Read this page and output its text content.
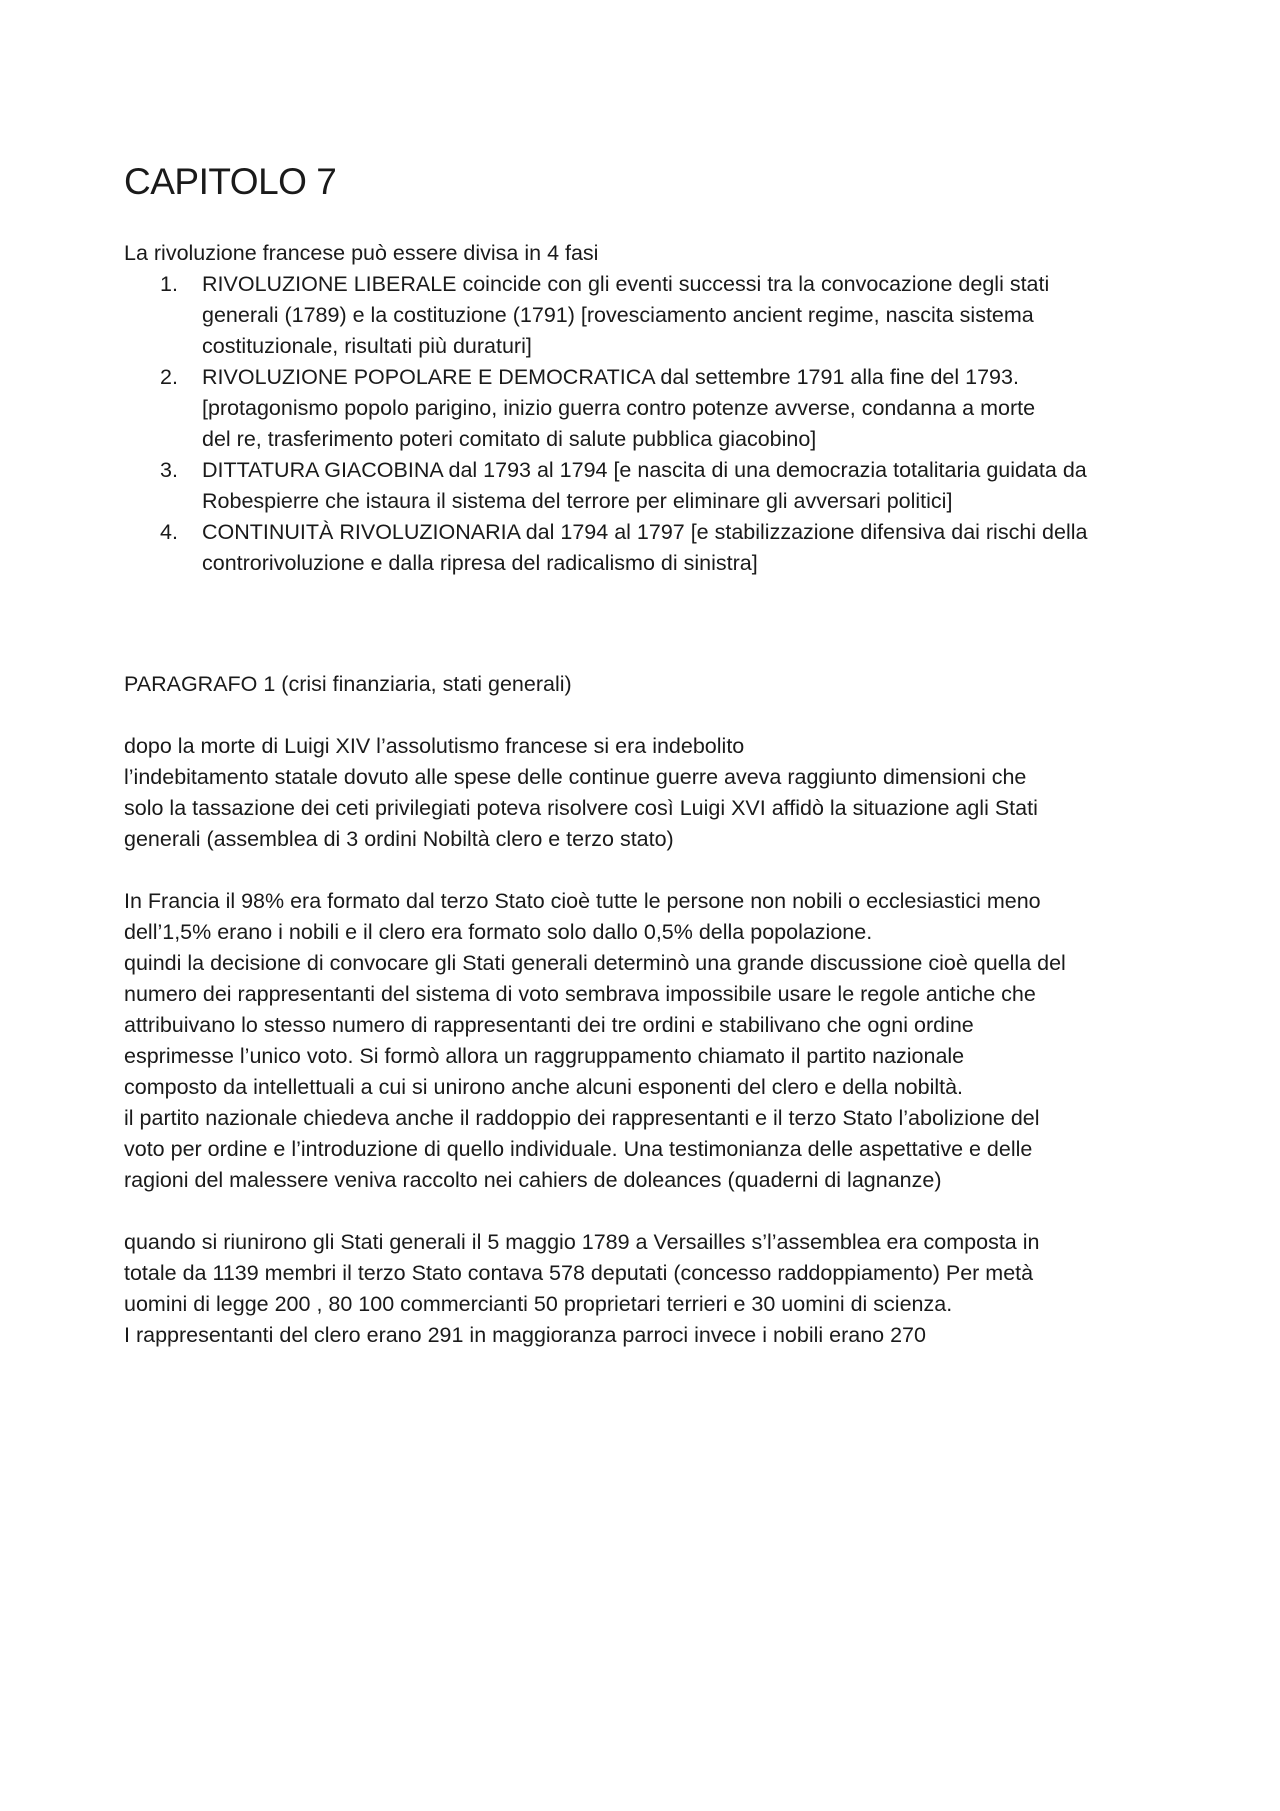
CAPITOLO 7

La rivoluzione francese può essere divisa in 4 fasi

1. RIVOLUZIONE LIBERALE coincide con gli eventi successi tra la convocazione degli stati
generali (1789) e la costituzione (1791) [rovesciamento ancient regime, nascita sistema
costituzionale, risultati più duraturi]
2. RIVOLUZIONE POPOLARE E DEMOCRATICA dal settembre 1791 alla fine del 1793.
[protagonismo popolo parigino, inizio guerra contro potenze avverse, condanna a morte
del re, trasferimento poteri comitato di salute pubblica giacobino]
3. DITTATURA GIACOBINA dal 1793 al 1794 [e nascita di una democrazia totalitaria guidata da
Robespierre che istaura il sistema del terrore per eliminare gli avversari politici]
4. CONTINUITÀ RIVOLUZIONARIA dal 1794 al 1797 [e stabilizzazione difensiva dai rischi della
controrivoluzione e dalla ripresa del radicalismo di sinistra]

PARAGRAFO 1 (crisi finanziaria, stati generali)

dopo la morte di Luigi XIV l’assolutismo francese si era indebolito
l’indebitamento statale dovuto alle spese delle continue guerre aveva raggiunto dimensioni che
solo la tassazione dei ceti privilegiati poteva risolvere così Luigi XVI affidò la situazione agli Stati
generali (assemblea di 3 ordini Nobiltà clero e terzo stato)
In Francia il 98% era formato dal terzo Stato cioè tutte le persone non nobili o ecclesiastici meno
dell’1,5% erano i nobili e il clero era formato solo dallo 0,5% della popolazione.
quindi la decisione di convocare gli Stati generali determinò una grande discussione cioè quella del
numero dei rappresentanti del sistema di voto sembrava impossibile usare le regole antiche che
attribuivano lo stesso numero di rappresentanti dei tre ordini e stabilivano che ogni ordine
esprimesse l’unico voto. Si formò allora un raggruppamento chiamato il partito nazionale
composto da intellettuali a cui si unirono anche alcuni esponenti del clero e della nobiltà.
il partito nazionale chiedeva anche il raddoppio dei rappresentanti e il terzo Stato l’abolizione del
voto per ordine e l’introduzione di quello individuale. Una testimonianza delle aspettative e delle
ragioni del malessere veniva raccolto nei cahiers de doleances (quaderni di lagnanze)
quando si riunirono gli Stati generali il 5 maggio 1789 a Versailles s’l’assemblea era composta in
totale da 1139 membri il terzo Stato contava 578 deputati (concesso raddoppiamento) Per metà
uomini di legge 200 , 80 100 commercianti 50 proprietari terrieri e 30 uomini di scienza.
I rappresentanti del clero erano 291 in maggioranza parroci invece i nobili erano 270
